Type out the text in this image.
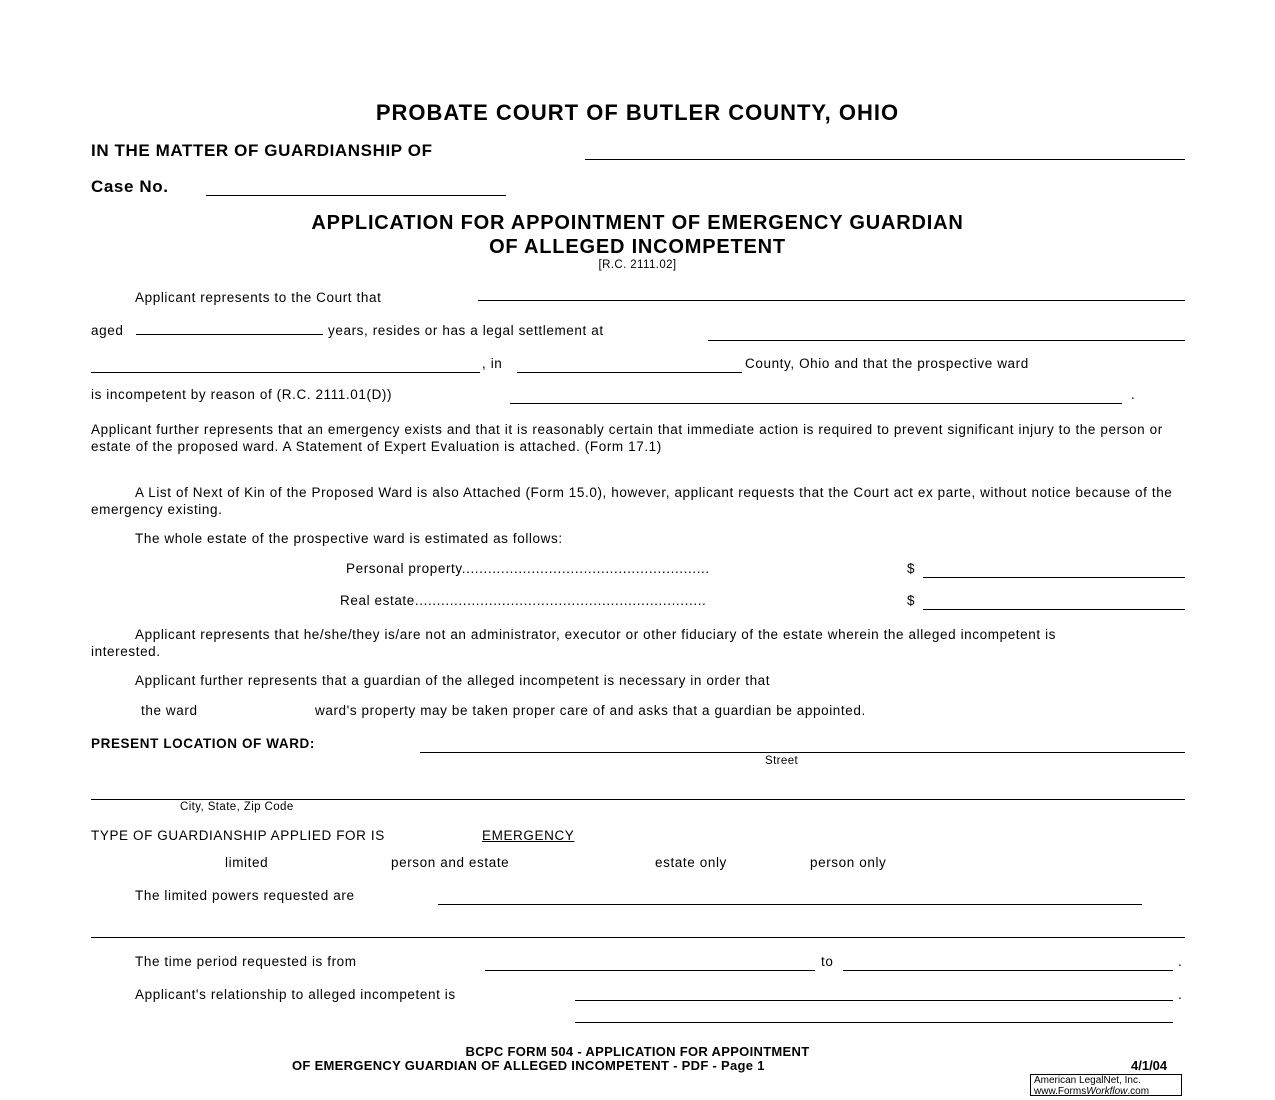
PROBATE COURT OF BUTLER COUNTY, OHIO
IN THE MATTER OF GUARDIANSHIP OF
Case No.
APPLICATION FOR APPOINTMENT OF EMERGENCY GUARDIAN
OF ALLEGED INCOMPETENT
[R.C. 2111.02]
Applicant represents to the Court that
aged	years, resides or has a legal settlement at
, in	County, Ohio and that the prospective ward
is incompetent by reason of (R.C. 2111.01(D))	.
Applicant further represents that an emergency exists and that it is reasonably certain that immediate action is required to prevent significant injury to the person or estate of the proposed ward. A Statement of Expert Evaluation is attached. (Form 17.1)
A List of Next of Kin of the Proposed Ward is also Attached (Form 15.0), however, applicant requests that the Court act ex parte, without notice because of the emergency existing.
The whole estate of the prospective ward is estimated as follows:
Personal property.........................................................	$
Real estate...................................................................	$
Applicant represents that he/she/they is/are not an administrator, executor or other fiduciary of the estate wherein the alleged incompetent is interested.
Applicant further represents that a guardian of the alleged incompetent is necessary in order that
the ward	ward's property may be taken proper care of and asks that a guardian be appointed.
PRESENT LOCATION OF WARD:
Street
City, State, Zip Code
TYPE OF GUARDIANSHIP APPLIED FOR IS	EMERGENCY
limited	person and estate	estate only	person only
The limited powers requested are
The time period requested is from	to	.
Applicant's relationship to alleged incompetent is	.
BCPC FORM 504 - APPLICATION FOR APPOINTMENT
OF EMERGENCY GUARDIAN OF ALLEGED INCOMPETENT - PDF - Page 1	4/1/04
American LegalNet, Inc.
www.FormsWorkflow.com
